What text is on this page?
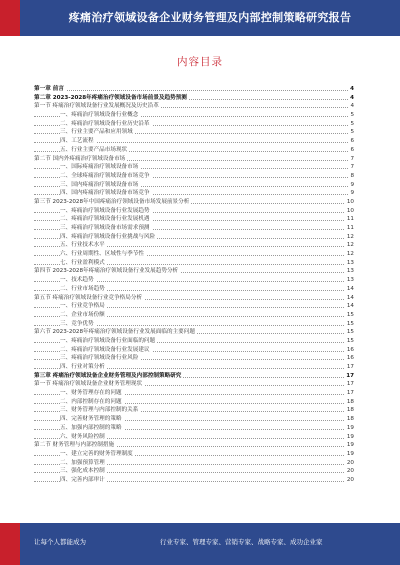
疼痛治疗领域设备企业财务管理及内部控制策略研究报告
内容目录
第一章 前言	4
第二章 2023-2028年疼痛治疗领域设备市场前景及趋势预测	4
第一节 疼痛治疗领域设备行业发展概况及历史沿革	4
一、疼痛治疗领域设备行业概念	5
二、疼痛治疗领域设备行业历史沿革	5
三、行业主要产品和应用领域	5
四、工艺流程	6
五、行业主要产品市场现状	6
第二节 国内外疼痛治疗领域设备市场	7
一、国际疼痛治疗领域设备市场	7
二、全球疼痛治疗领域设备市场竞争	8
三、国内疼痛治疗领域设备市场	9
四、国内疼痛治疗领域设备市场竞争	9
第三节 2023-2028年中国疼痛治疗领域设备市场发展前景分析	10
一、疼痛治疗领域设备行业发展趋势	10
二、疼痛治疗领域设备行业发展机遇	11
三、疼痛治疗领域设备市场需求预测	11
四、疼痛治疗领域设备行业挑战与风险	12
五、行业技术水平	12
六、行业周期性、区域性与季节性	12
七、行业盈利模式	13
第四节 2023-2028年疼痛治疗领域设备行业发展趋势分析	13
一、技术趋势	13
二、行业市场趋势	14
第五节 疼痛治疗领域设备行业竞争格局分析	14
一、行业竞争格局	14
二、企业市场份额	15
三、竞争优势	15
第六节 2023-2028年疼痛治疗领域设备行业发展面临的主要问题	15
一、疼痛治疗领域设备行业面临的问题	15
二、疼痛治疗领域设备行业发展建议	16
三、疼痛治疗领域设备行业风险	16
四、行业对策分析	17
第三章 疼痛治疗领域设备企业财务管理及内部控制策略研究	17
第一节 疼痛治疗领域设备企业财务管理现状	17
一、财务管理存在的问题	17
二、内部控制存在的问题	18
三、财务管理与内部控制的关系	18
四、完善财务管理的策略	18
五、加强内部控制的策略	19
六、财务风险控制	19
第二节 财务管理与内部控制措施	19
一、建立完善的财务管理制度	19
二、加强预算管理	20
三、强化成本控制	20
四、完善内部审计	20
让每个人都能成为	行业专家、管理专家、营销专家、战略专家、成功企业家
